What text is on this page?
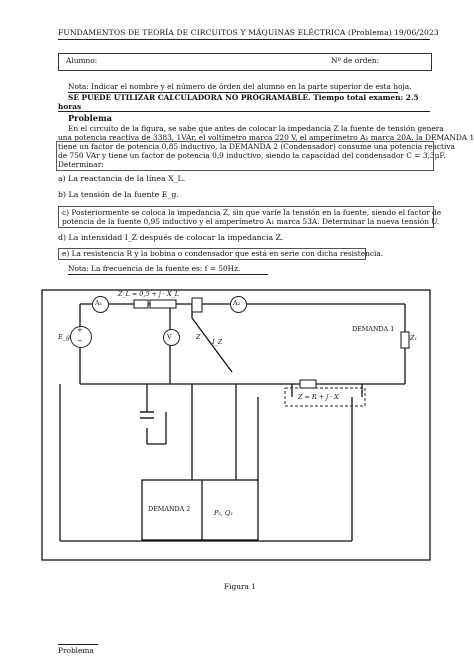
FUNDAMENTOS DE TEORÍA DE CIRCUITOS Y MÁQUINAS ELÉCTRICA (Problema) 19/06/2023
Alumno:	Nº de orden:
Nota: Indicar el nombre y el número de órden del alumno en la parte superior de esta hoja.
SE PUEDE UTILIZAR CALCULADORA NO PROGRAMABLE. Tiempo total examen: 2.5
horas
Problema
En el circuito de la figura, se sabe que antes de colocar la impedancia Z la fuente de tensión genera
una potencia reactiva de 3383, 1VAr, el voltímetro marca 220 V, el amperímetro A₁ marca 20A, la DEMANDA 1
tiene un factor de potencia 0,85 inductivo, la DEMANDA 2 (Condensador) consume una potencia reactiva
de 750 VAr y tiene un factor de potencia 0,9 inductivo, siendo la capacidad del condensador C = 3,3μF.
Determinar:
a) La reactancia de la línea X_L.
b) La tensión de la fuente E_g.
c) Posteriormente se coloca la impedancia Z, sin que varíe la tensión en la fuente, siendo el factor de
potencia de la fuente 0,95 inductivo y el amperímetro A₁ marca 53A. Determinar la nueva tensión U.
d) La intensidad I_Z después de colocar la impedancia Z.
e) La resistencia R y la bobina o condensador que está en serie con dicha resistencia.
Nota: La frecuencia de la fuente es: f = 50Hz.
A₁	A₂
V
E_g
+
−
Z_L = 0,5 + j · X_L
Z
I_Z
DEMANDA 1
Z₁
Z = R + j · X
DEMANDA 2	P₂, Q₂
Figura 1
Problema
